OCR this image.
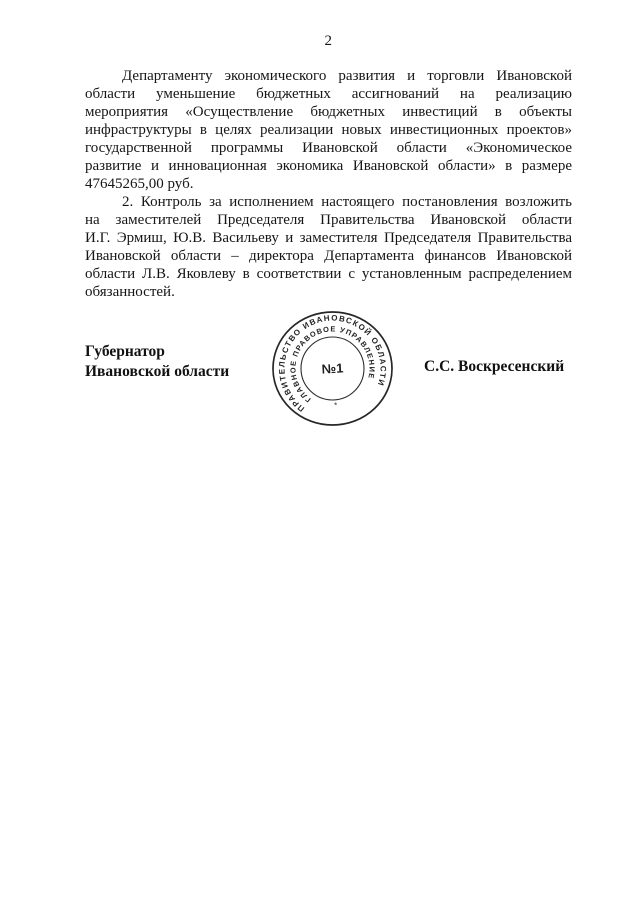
2
Департаменту экономического развития и торговли Ивановской
области уменьшение бюджетных ассигнований на реализацию
мероприятия «Осуществление бюджетных инвестиций в объекты
инфраструктуры в целях реализации новых инвестиционных проектов»
государственной программы Ивановской области «Экономическое
развитие и инновационная экономика Ивановской области» в размере
47645265,00 руб.
2. Контроль за исполнением настоящего постановления возложить
на заместителей Председателя Правительства Ивановской области
И.Г. Эрмиш, Ю.В. Васильеву и заместителя Председателя Правительства
Ивановской области – директора Департамента финансов Ивановской
области Л.В. Яковлеву в соответствии с установленным распределением
обязанностей.
Губернатор
Ивановской области	С.С. Воскресенский
ПРАВИТЕЛЬСТВО ИВАНОВСКОЙ ОБЛАСТИ
ГЛАВНОЕ ПРАВОВОЕ УПРАВЛЕНИЕ
*
№1
